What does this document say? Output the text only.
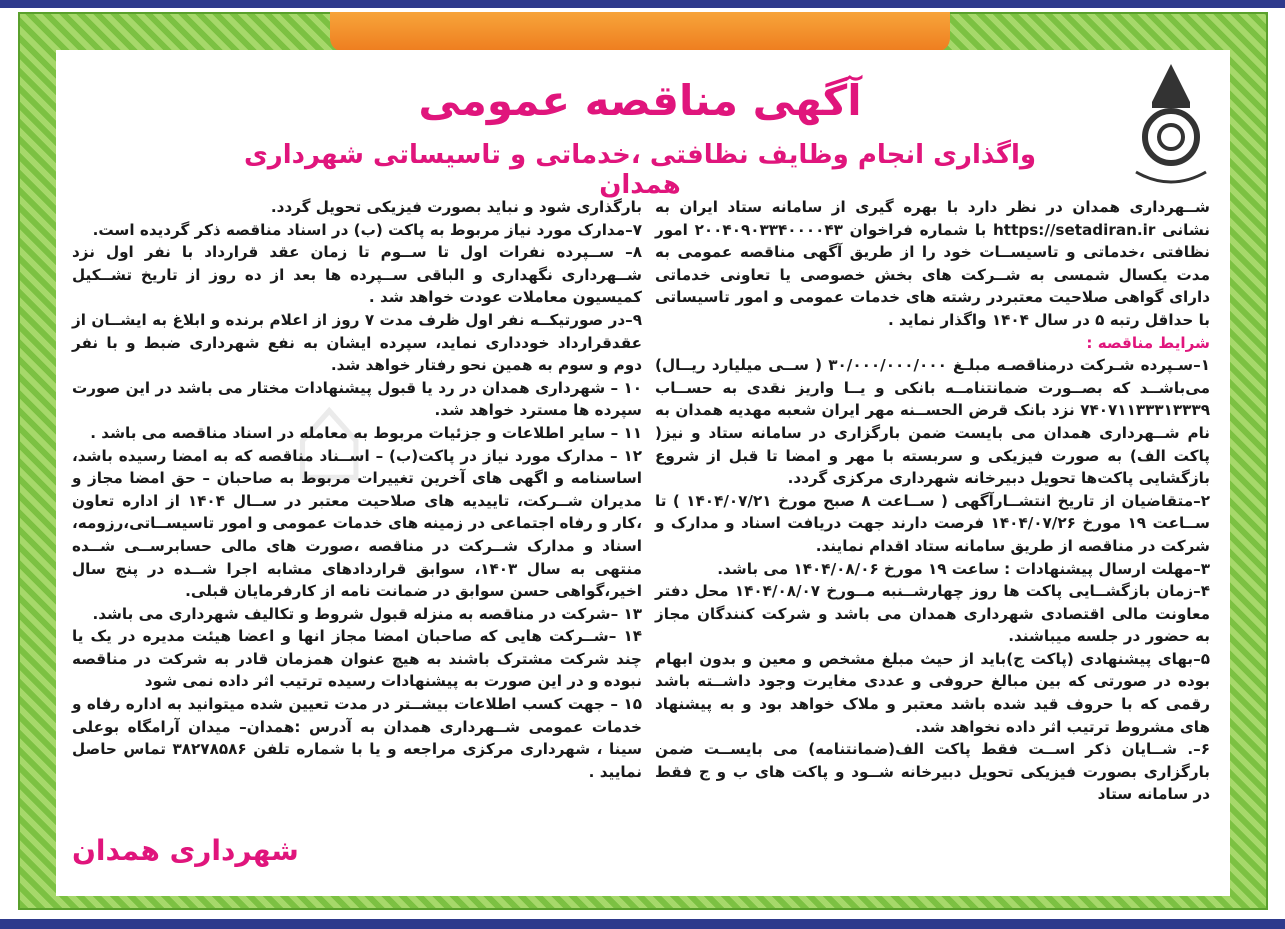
⌂
آگهی مناقصه عمومی
واگذاری انجام وظایف نظافتی ،خدماتی و تاسیساتی شهرداری همدان

شــهرداری همدان در نظر دارد با بهره گیری از سامانه ستاد ایران به نشانی https://setadiran.ir با شماره فراخوان ۲۰۰۴۰۹۰۳۳۴۰۰۰۰۴۳ امور نظافتی ،خدماتی و تاسیســات خود را از طریق آگهی مناقصه عمومی به مدت یکسال شمسی به شــرکت های بخش خصوصی یا تعاونی خدماتی دارای گواهی صلاحیت معتبردر رشته های خدمات عمومی و امور تاسیساتی با حداقل رتبه ۵ در سال ۱۴۰۴ واگذار نماید .

شرایط مناقصه :

۱–سـپرده شـرکت درمناقصـه مبلـغ ۳۰/۰۰۰/۰۰۰/۰۰۰ ( ســی میلیارد ریــال) می‌باشــد که بصــورت ضمانتنامــه بانکی و یــا واریز نقدی به حســاب ۷۴۰۷۱۱۳۳۳۱۳۳۳۹ نزد بانک قرض الحســنه مهر ایران شعبه مهدیه همدان به نام شــهرداری همدان می بایست ضمن بارگزاری در سامانه ستاد و نیز( پاکت الف) به صورت فیزیکی و سربسته با مهر و امضا تا قبل از شروع بازگشایی پاکت‌ها تحویل دبیرخانه شهرداری مرکزی گردد.

۲–متقاضیان از تاریخ انتشــارآگهی ( ســاعت ۸ صبح مورخ ۱۴۰۴/۰۷/۲۱ ) تا ســاعت ۱۹ مورخ ۱۴۰۴/۰۷/۲۶ فرصت دارند جهت دریافت اسناد و مدارک و شرکت در مناقصه از طریق سامانه ستاد اقدام نمایند.

۳–مهلت ارسال پیشنهادات : ساعت ۱۹ مورخ ۱۴۰۴/۰۸/۰۶ می باشد.

۴–زمان بازگشــایی پاکت ها روز چهارشــنبه مــورخ ۱۴۰۴/۰۸/۰۷ محل دفتر معاونت مالی اقتصادی شهرداری همدان می باشد و شرکت کنندگان مجاز به حضور در جلسه میباشند.

۵–بهای پیشنهادی (پاکت ج)باید از حیث مبلغ مشخص و معین و بدون ابهام بوده در صورتی که بین مبالغ حروفی و عددی مغایرت وجود داشــته باشد رقمی که با حروف قید شده باشد معتبر و ملاک خواهد بود و به پیشنهاد های مشروط ترتیب اثر داده نخواهد شد.

۶–. شــایان ذکر اســت فقط پاکت الف(ضمانتنامه) می بایســت ضمن بارگزاری بصورت فیزیکی تحویل دبیرخانه شــود و پاکت های ب و ج فقط در سامانه ستاد

بارگذاری شود و نباید بصورت فیزیکی تحویل گردد.

۷–مدارک مورد نیاز مربوط به پاکت (ب) در اسناد مناقصه ذکر گردیده است.

۸– ســپرده نفرات اول تا ســوم تا زمان عقد قرارداد با نفر اول نزد شــهرداری نگهداری و الباقی ســپرده ها بعد از ده روز از تاریخ تشــکیل کمیسیون معاملات عودت خواهد شد .

۹–در صورتیکــه نفر اول ظرف مدت ۷ روز از اعلام برنده و ابلاغ به ایشــان از عقدقرارداد خودداری نماید، سپرده ایشان به نفع شهرداری ضبط و با نفر دوم و سوم به همین نحو رفتار خواهد شد.

۱۰ – شهرداری همدان در رد یا قبول پیشنهادات مختار می باشد در این صورت سپرده ها مسترد خواهد شد.

۱۱ – سایر اطلاعات و جزئیات مربوط به معامله در اسناد مناقصه می باشد .

۱۲ – مدارک مورد نیاز در پاکت(ب) – اســناد مناقصه که به امضا رسیده باشد، اساسنامه و اگهی های آخرین تغییرات مربوط به صاحبان – حق امضا مجاز و مدیران شــرکت، تاییدیه های صلاحیت معتبر در ســال ۱۴۰۴ از اداره تعاون ،کار و رفاه اجتماعی در زمینه های خدمات عمومی و امور تاسیســاتی،رزومه، اسناد و مدارک شــرکت در مناقصه ،صورت های مالی حسابرســی شــده منتهی به سال ۱۴۰۳، سوابق قراردادهای مشابه اجرا شــده در پنج سال اخیر،گواهی حسن سوابق در ضمانت نامه از کارفرمایان قبلی.

۱۳ –شرکت در مناقصه به منزله قبول شروط و تکالیف شهرداری می باشد.

۱۴ –شــرکت هایی که صاحبان امضا مجاز انها و اعضا هیئت مدیره در یک یا چند شرکت مشترک باشند به هیچ عنوان همزمان قادر به شرکت در مناقصه نبوده و در این صورت به پیشنهادات رسیده ترتیب اثر داده نمی شود

۱۵ – جهت کسب اطلاعات بیشــتر در مدت تعیین شده میتوانید به اداره رفاه و خدمات عمومی شــهرداری همدان به آدرس :همدان– میدان آرامگاه بوعلی سینا ، شهرداری مرکزی مراجعه و یا با شماره تلفن ۳۸۲۷۸۵۸۶ تماس حاصل نمایید .

شهرداری همدان
